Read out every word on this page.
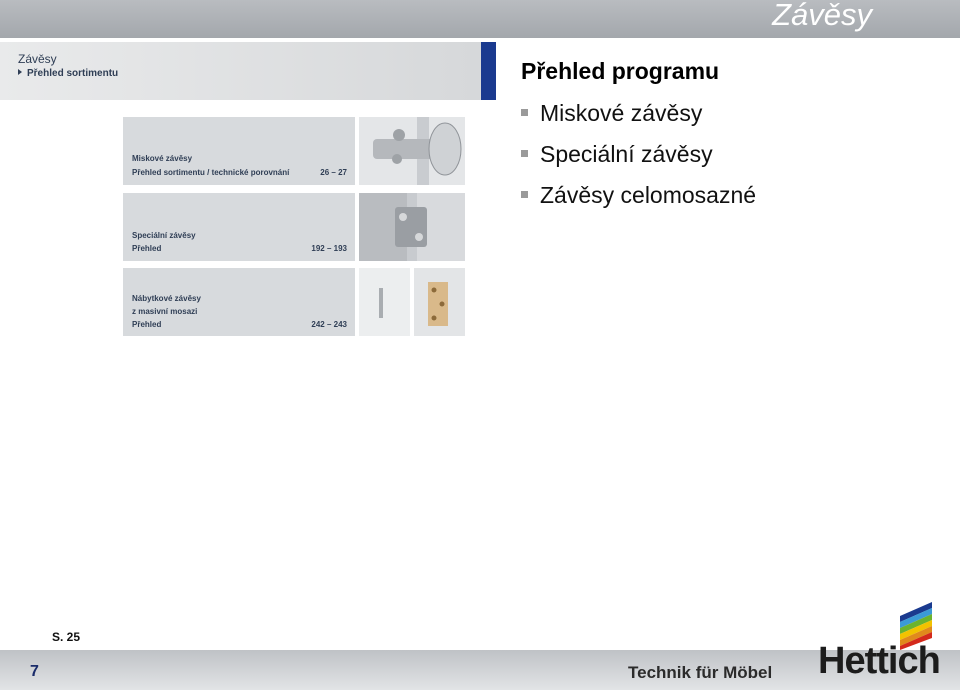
Závěsy
Závěsy
Přehled sortimentu
Miskové závěsy
Přehled sortimentu / technické porovnání	26 – 27
Speciální závěsy
Přehled	192 – 193
Nábytkové závěsy
z masivní mosazi
Přehled	242 – 243
Přehled programu
Miskové závěsy
Speciální závěsy
Závěsy celomosazné
S. 25
7	Technik für Möbel Hettich
